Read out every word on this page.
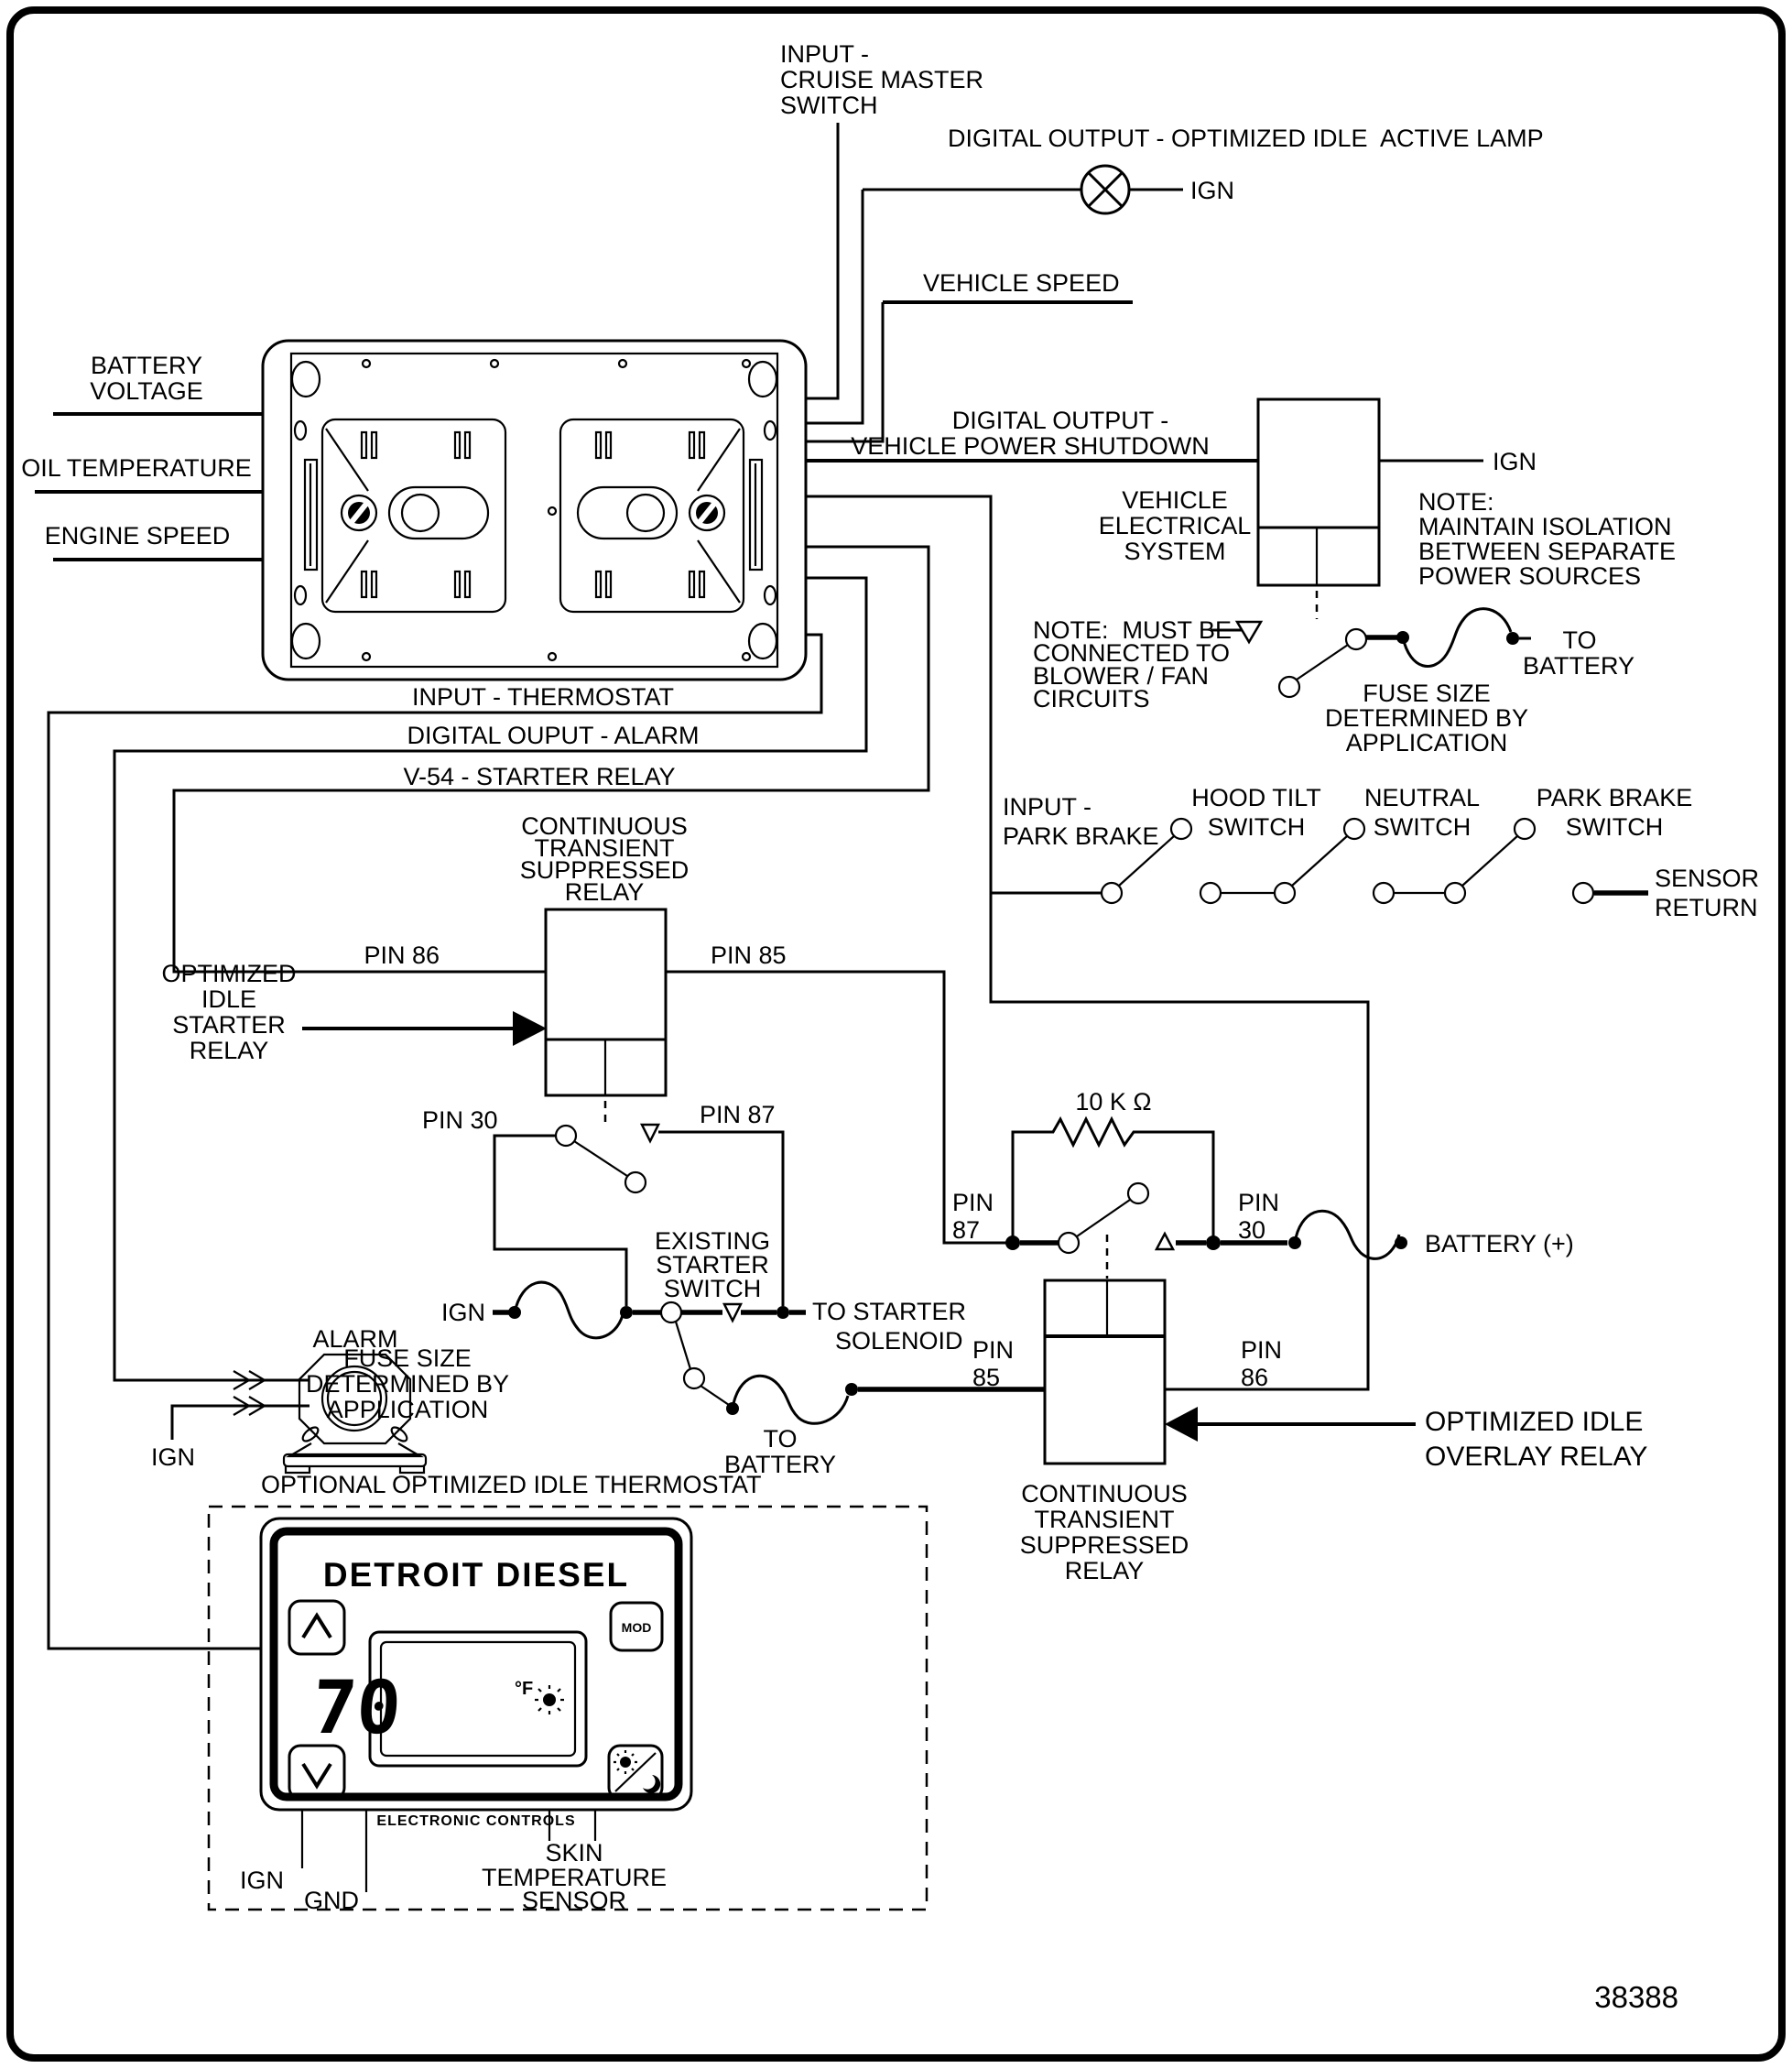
INPUT -
CRUISE MASTER
SWITCH
DIGITAL OUTPUT - OPTIMIZED IDLE  ACTIVE LAMP
IGN
VEHICLE SPEED
DIGITAL OUTPUT -
VEHICLE POWER SHUTDOWN
BATTERY
VOLTAGE
OIL TEMPERATURE
ENGINE SPEED
INPUT - THERMOSTAT
DIGITAL OUPUT - ALARM
V-54 - STARTER RELAY
VEHICLE
ELECTRICAL
SYSTEM
IGN
NOTE:
MAINTAIN ISOLATION
BETWEEN SEPARATE
POWER SOURCES
NOTE:  MUST BE
CONNECTED TO
BLOWER / FAN
CIRCUITS
TO
BATTERY
FUSE SIZE
DETERMINED BY
APPLICATION
INPUT -
PARK BRAKE
HOOD TILT
SWITCH
NEUTRAL
SWITCH
PARK BRAKE
SWITCH
SENSOR
RETURN
CONTINUOUS
TRANSIENT
SUPPRESSED
RELAY
PIN 86	PIN 85
OPTIMIZED
IDLE
STARTER
RELAY
PIN 30	PIN 87
EXISTING
STARTER
SWITCH
IGN	TO STARTER
SOLENOID
FUSE SIZE
DETERMINED BY
APPLICATION
TO
BATTERY
10 K Ω
PIN
87
PIN
30	BATTERY (+)
PIN
85
PIN
86
OPTIMIZED IDLE
OVERLAY RELAY
CONTINUOUS
TRANSIENT
SUPPRESSED
RELAY
ALARM
IGN
OPTIONAL OPTIMIZED IDLE THERMOSTAT
DETROIT DIESEL
MOD
70	°F
ELECTRONIC CONTROLS
IGN
GND
SKIN
TEMPERATURE
SENSOR
38388
